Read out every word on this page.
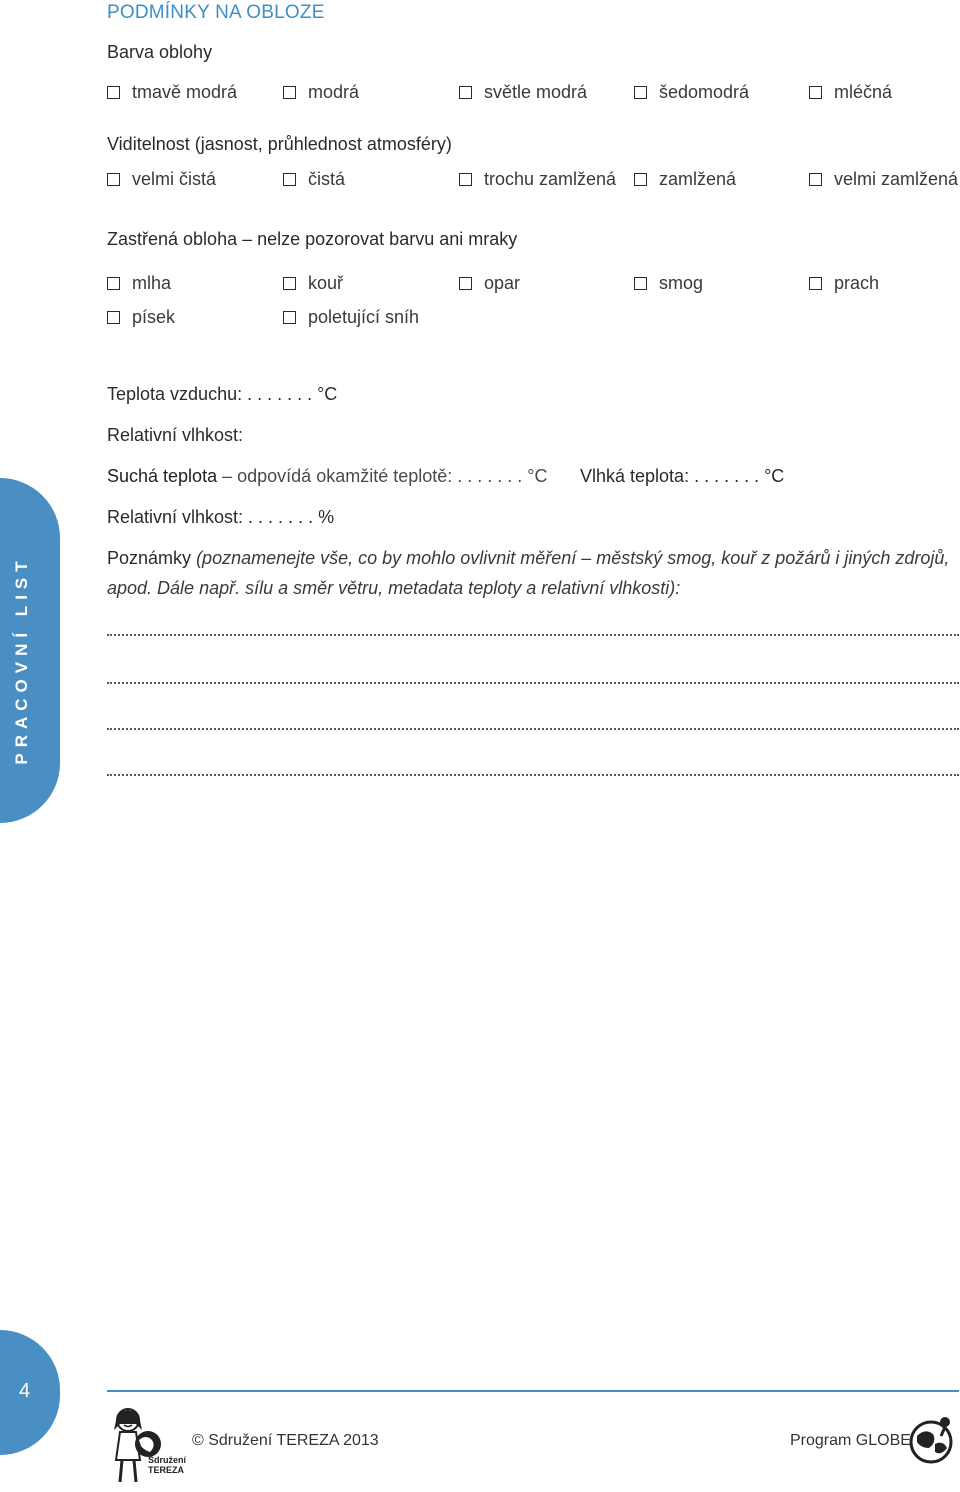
PODMÍNKY NA OBLOZE
Barva oblohy
tmavě modrá	modrá	světle modrá	šedomodrá	mléčná
Viditelnost (jasnost, průhlednost atmosféry)
velmi čistá	čistá	trochu zamlžená zamlžená	velmi zamlžená
Zastřená obloha – nelze pozorovat barvu ani mraky
mlha	kouř	opar	smog	prach
písek	poletující sníh
Teplota vzduchu: . . . . . . . °C
Relativní vlhkost:
Suchá teplota – odpovídá okamžité teplotě: . . . . . . . °C Vlhká teplota: . . . . . . . °C
Relativní vlhkost: . . . . . . . %
Poznámky (poznamenejte vše, co by mohlo ovlivnit měření – městský smog, kouř z požárů i jiných zdrojů, apod. Dále např. sílu a směr větru, metadata teploty a relativní vlhkosti):
PRACOVNÍ LIST
4
Sdružení
TEREZA
© Sdružení TEREZA 2013	Program GLOBE
